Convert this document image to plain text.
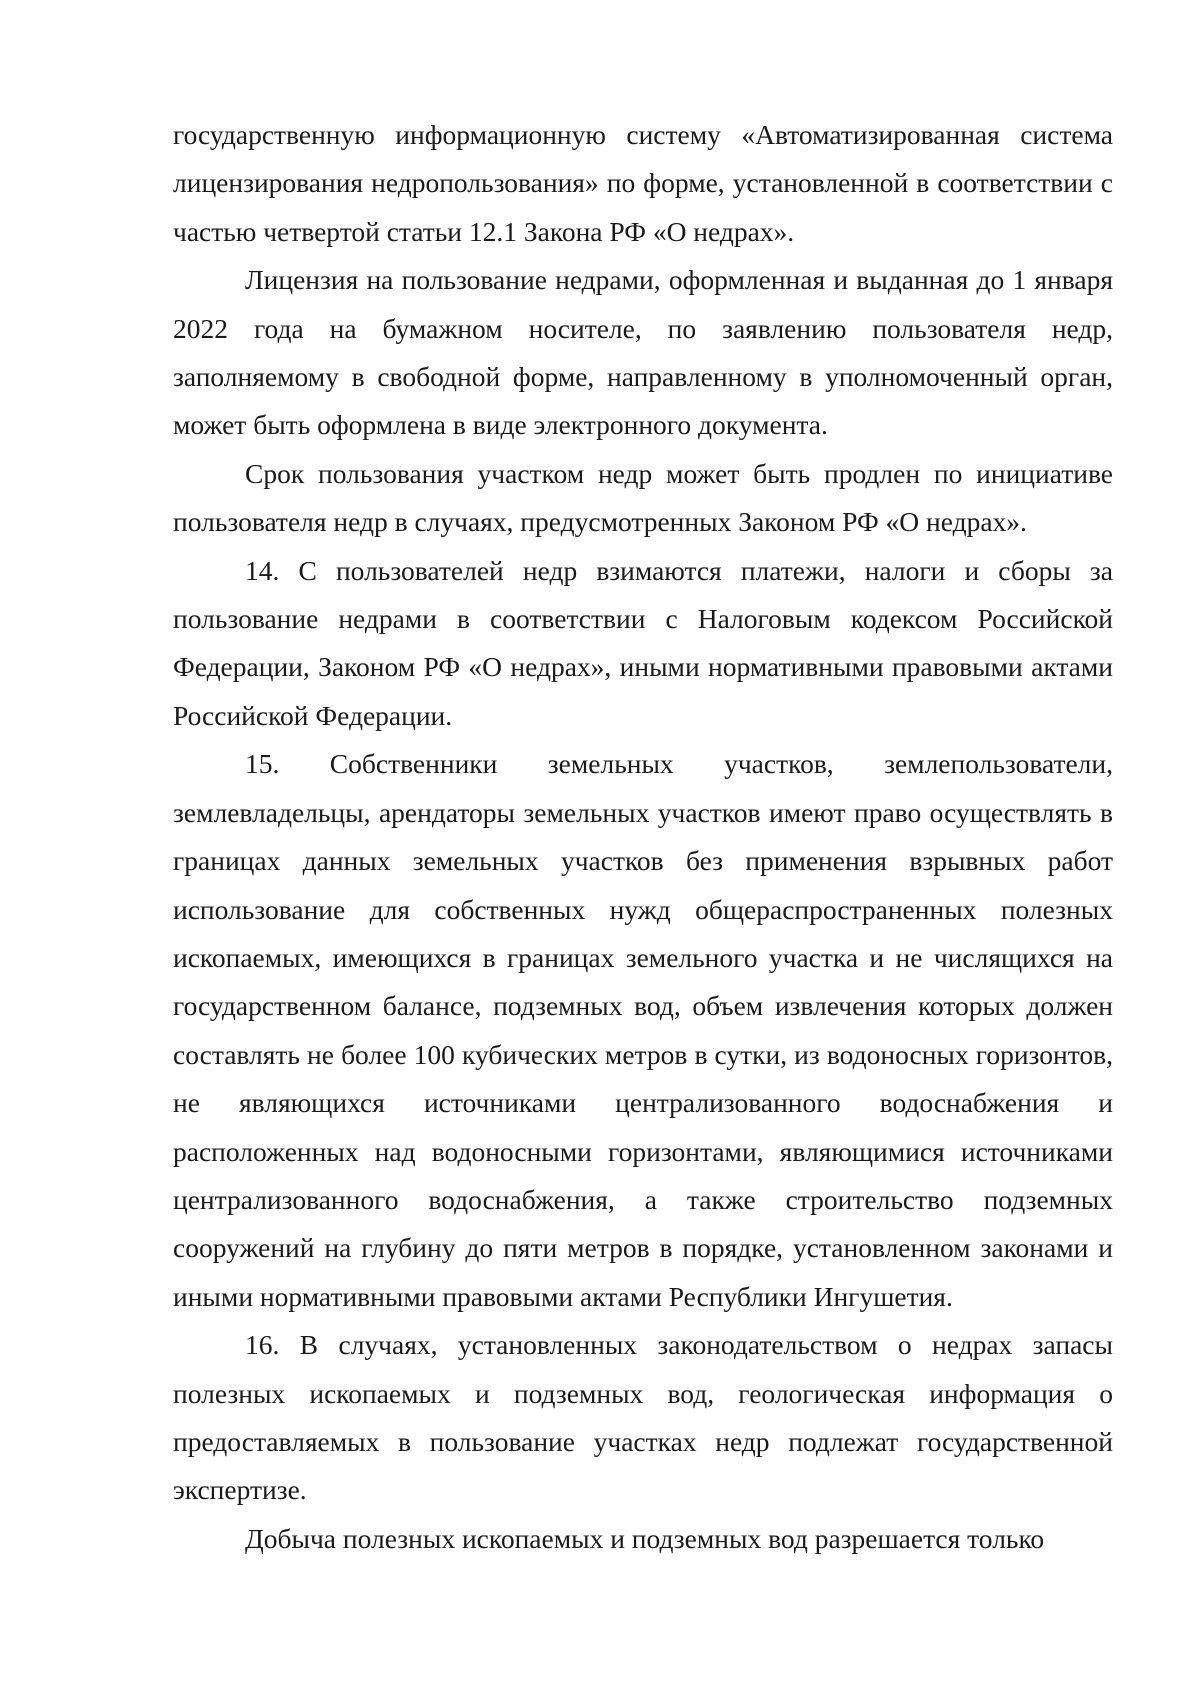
государственную информационную систему «Автоматизированная система лицензирования недропользования» по форме, установленной в соответствии с частью четвертой статьи 12.1 Закона РФ «О недрах».

Лицензия на пользование недрами, оформленная и выданная до 1 января 2022 года на бумажном носителе, по заявлению пользователя недр, заполняемому в свободной форме, направленному в уполномоченный орган, может быть оформлена в виде электронного документа.

Срок пользования участком недр может быть продлен по инициативе пользователя недр в случаях, предусмотренных Законом РФ «О недрах».

14. С пользователей недр взимаются платежи, налоги и сборы за пользование недрами в соответствии с Налоговым кодексом Российской Федерации, Законом РФ «О недрах», иными нормативными правовыми актами Российской Федерации.

15. Собственники земельных участков, землепользователи, землевладельцы, арендаторы земельных участков имеют право осуществлять в границах данных земельных участков без применения взрывных работ использование для собственных нужд общераспространенных полезных ископаемых, имеющихся в границах земельного участка и не числящихся на государственном балансе, подземных вод, объем извлечения которых должен составлять не более 100 кубических метров в сутки, из водоносных горизонтов, не являющихся источниками централизованного водоснабжения и расположенных над водоносными горизонтами, являющимися источниками централизованного водоснабжения, а также строительство подземных сооружений на глубину до пяти метров в порядке, установленном законами и иными нормативными правовыми актами Республики Ингушетия.

16. В случаях, установленных законодательством о недрах запасы полезных ископаемых и подземных вод, геологическая информация о предоставляемых в пользование участках недр подлежат государственной экспертизе.

Добыча полезных ископаемых и подземных вод разрешается только
